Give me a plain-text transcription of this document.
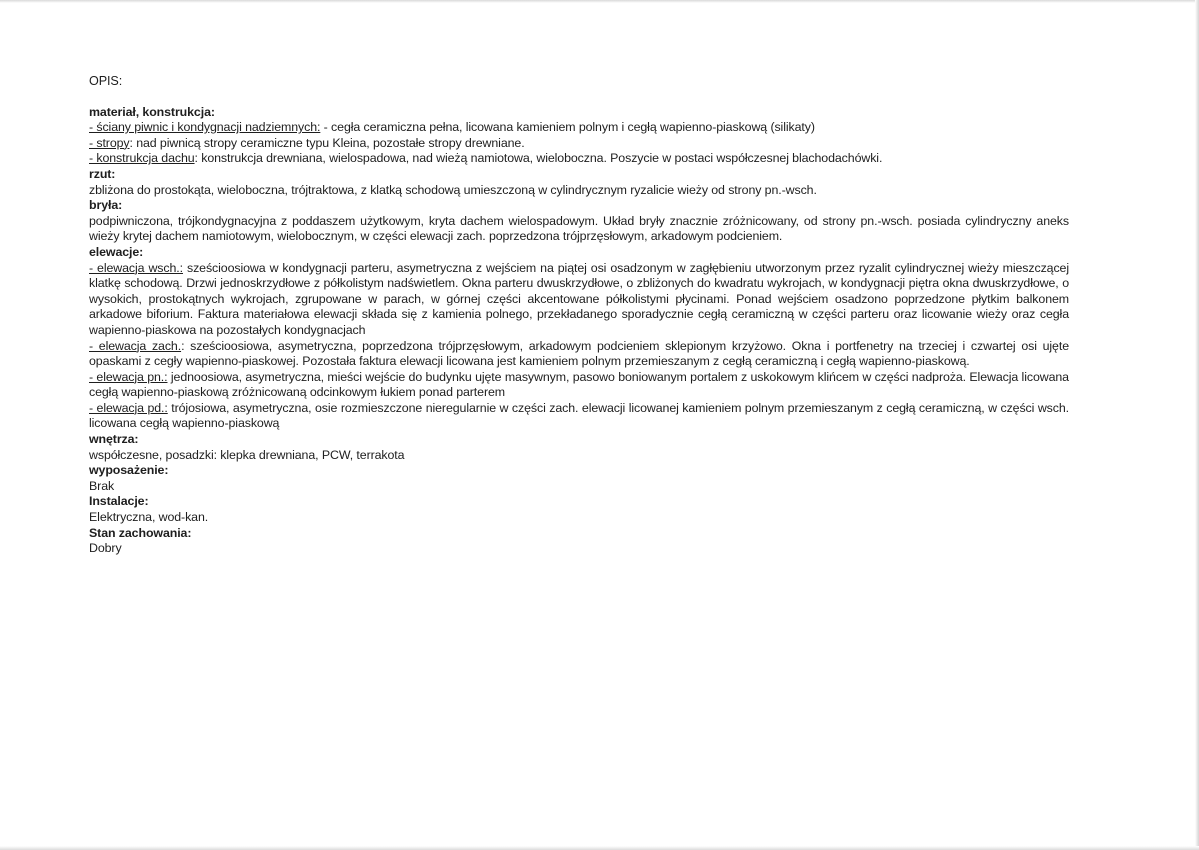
OPIS:

materiał, konstrukcja:

- ściany piwnic i kondygnacji nadziemnych: - cegła ceramiczna pełna, licowana kamieniem polnym i cegłą wapienno-piaskową (silikaty)

- stropy: nad piwnicą stropy ceramiczne typu Kleina, pozostałe stropy drewniane.

- konstrukcja dachu: konstrukcja drewniana, wielospadowa, nad wieżą namiotowa, wieloboczna. Poszycie w postaci współczesnej blachodachówki.

rzut:

zbliżona do prostokąta, wieloboczna, trójtraktowa, z klatką schodową umieszczoną w cylindrycznym ryzalicie wieży od strony pn.-wsch.

bryła:

podpiwniczona, trójkondygnacyjna z poddaszem użytkowym, kryta dachem wielospadowym. Układ bryły znacznie zróżnicowany, od strony pn.-wsch. posiada cylindryczny aneks wieży krytej dachem namiotowym, wielobocznym, w części elewacji zach. poprzedzona trójprzęsłowym, arkadowym podcieniem.

elewacje:

- elewacja wsch.: sześcioosiowa w kondygnacji parteru, asymetryczna z wejściem na piątej osi osadzonym w zagłębieniu utworzonym przez ryzalit cylindrycznej wieży mieszczącej klatkę schodową. Drzwi jednoskrzydłowe z półkolistym nadświetlem. Okna parteru dwuskrzydłowe, o zbliżonych do kwadratu wykrojach, w kondygnacji piętra okna dwuskrzydłowe, o wysokich, prostokątnych wykrojach, zgrupowane w parach, w górnej części akcentowane półkolistymi płycinami. Ponad wejściem osadzono poprzedzone płytkim balkonem arkadowe biforium. Faktura materiałowa elewacji składa się z kamienia polnego, przekładanego sporadycznie cegłą ceramiczną w części parteru oraz licowanie wieży oraz cegła wapienno-piaskowa na pozostałych kondygnacjach

- elewacja zach.: sześcioosiowa, asymetryczna, poprzedzona trójprzęsłowym, arkadowym podcieniem sklepionym krzyżowo. Okna i portfenetry na trzeciej i czwartej osi ujęte opaskami z cegły wapienno-piaskowej. Pozostała faktura elewacji licowana jest kamieniem polnym przemieszanym z cegłą ceramiczną i cegłą wapienno-piaskową.

- elewacja pn.: jednoosiowa, asymetryczna, mieści wejście do budynku ujęte masywnym, pasowo boniowanym portalem z uskokowym klińcem w części nadproża. Elewacja licowana cegłą wapienno-piaskową zróżnicowaną odcinkowym łukiem ponad parterem

- elewacja pd.: trójosiowa, asymetryczna, osie rozmieszczone nieregularnie w części zach. elewacji licowanej kamieniem polnym przemieszanym z cegłą ceramiczną, w części wsch. licowana cegłą wapienno-piaskową

wnętrza:

współczesne, posadzki: klepka drewniana, PCW, terrakota

wyposażenie:

Brak

Instalacje:

Elektryczna, wod-kan.

Stan zachowania:

Dobry
